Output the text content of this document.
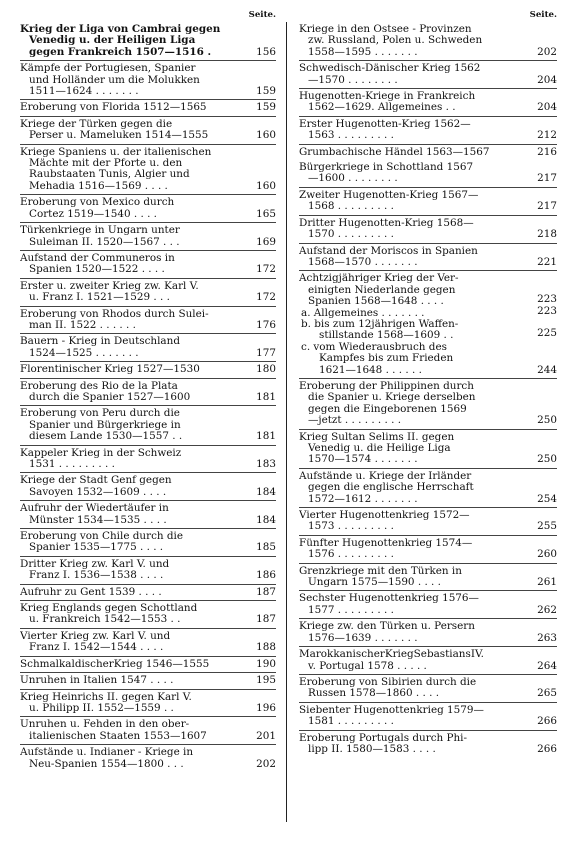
Seite.
Krieg der Liga von Cambrai gegen
Venedig u. der Heiligen Liga
gegen Frankreich 1507—1516 .	156
Kämpfe der Portugiesen, Spanier
und Holländer um die Molukken
1511—1624 . . . . . . .	159
Eroberung von Florida 1512—1565	159
Kriege der Türken gegen die
Perser u. Mameluken 1514—1555	160
Kriege Spaniens u. der italienischen
Mächte mit der Pforte u. den
Raubstaaten Tunis, Algier und
Mehadia 1516—1569 . . . .	160
Eroberung von Mexico durch
Cortez 1519—1540 . . . .	165
Türkenkriege in Ungarn unter
Suleiman II. 1520—1567 . . .	169
Aufstand der Communeros in
Spanien 1520—1522 . . . .	172
Erster u. zweiter Krieg zw. Karl V.
u. Franz I. 1521—1529 . . .	172
Eroberung von Rhodos durch Sulei-
man II. 1522 . . . . . .	176
Bauern - Krieg in Deutschland
1524—1525 . . . . . . .	177
Florentinischer Krieg 1527—1530	180
Eroberung des Rio de la Plata
durch die Spanier 1527—1600	181
Eroberung von Peru durch die
Spanier und Bürgerkriege in
diesem Lande 1530—1557 . .	181
Kappeler Krieg in der Schweiz
1531 . . . . . . . . .	183
Kriege der Stadt Genf gegen
Savoyen 1532—1609 . . . .	184
Aufruhr der Wiedertäufer in
Münster 1534—1535 . . . .	184
Eroberung von Chile durch die
Spanier 1535—1775 . . . .	185
Dritter Krieg zw. Karl V. und
Franz I. 1536—1538 . . . .	186
Aufruhr zu Gent 1539 . . . .	187
Krieg Englands gegen Schottland
u. Frankreich 1542—1553 . .	187
Vierter Krieg zw. Karl V. und
Franz I. 1542—1544 . . . .	188
SchmalkaldischerKrieg 1546—1555	190
Unruhen in Italien 1547 . . . .	195
Krieg Heinrichs II. gegen Karl V.
u. Philipp II. 1552—1559 . .	196
Unruhen u. Fehden in den ober-
italienischen Staaten 1553—1607	201
Aufstände u. Indianer - Kriege in
Neu-Spanien 1554—1800 . . .	202
Seite.
Kriege in den Ostsee - Provinzen
zw. Russland, Polen u. Schweden
1558—1595 . . . . . . .	202
Schwedisch-Dänischer Krieg 1562
—1570 . . . . . . . .	204
Hugenotten-Kriege in Frankreich
1562—1629. Allgemeines . .	204
Erster Hugenotten-Krieg 1562—
1563 . . . . . . . . .	212
Grumbachische Händel 1563—1567	216
Bürgerkriege in Schottland 1567
—1600 . . . . . . . .	217
Zweiter Hugenotten-Krieg 1567—
1568 . . . . . . . . .	217
Dritter Hugenotten-Krieg 1568—
1570 . . . . . . . . .	218
Aufstand der Moriscos in Spanien
1568—1570 . . . . . . .	221
Achtzigjähriger Krieg der Ver-
einigten Niederlande gegen
Spanien 1568—1648 . . . .	223
a. Allgemeines . . . . . . .	223
b. bis zum 12jährigen Waffen-
stillstande 1568—1609 . .	225
c. vom Wiederausbruch des
Kampfes bis zum Frieden
1621—1648 . . . . . .	244
Eroberung der Philippinen durch
die Spanier u. Kriege derselben
gegen die Eingeborenen 1569
—jetzt . . . . . . . . .	250
Krieg Sultan Selims II. gegen
Venedig u. die Heilige Liga
1570—1574 . . . . . . .	250
Aufstände u. Kriege der Irländer
gegen die englische Herrschaft
1572—1612 . . . . . . .	254
Vierter Hugenottenkrieg 1572—
1573 . . . . . . . . .	255
Fünfter Hugenottenkrieg 1574—
1576 . . . . . . . . .	260
Grenzkriege mit den Türken in
Ungarn 1575—1590 . . . .	261
Sechster Hugenottenkrieg 1576—
1577 . . . . . . . . .	262
Kriege zw. den Türken u. Persern
1576—1639 . . . . . . .	263
MarokkanischerKriegSebastiansIV.
v. Portugal 1578 . . . . .	264
Eroberung von Sibirien durch die
Russen 1578—1860 . . . .	265
Siebenter Hugenottenkrieg 1579—
1581 . . . . . . . . .	266
Eroberung Portugals durch Phi-
lipp II. 1580—1583 . . . .	266
